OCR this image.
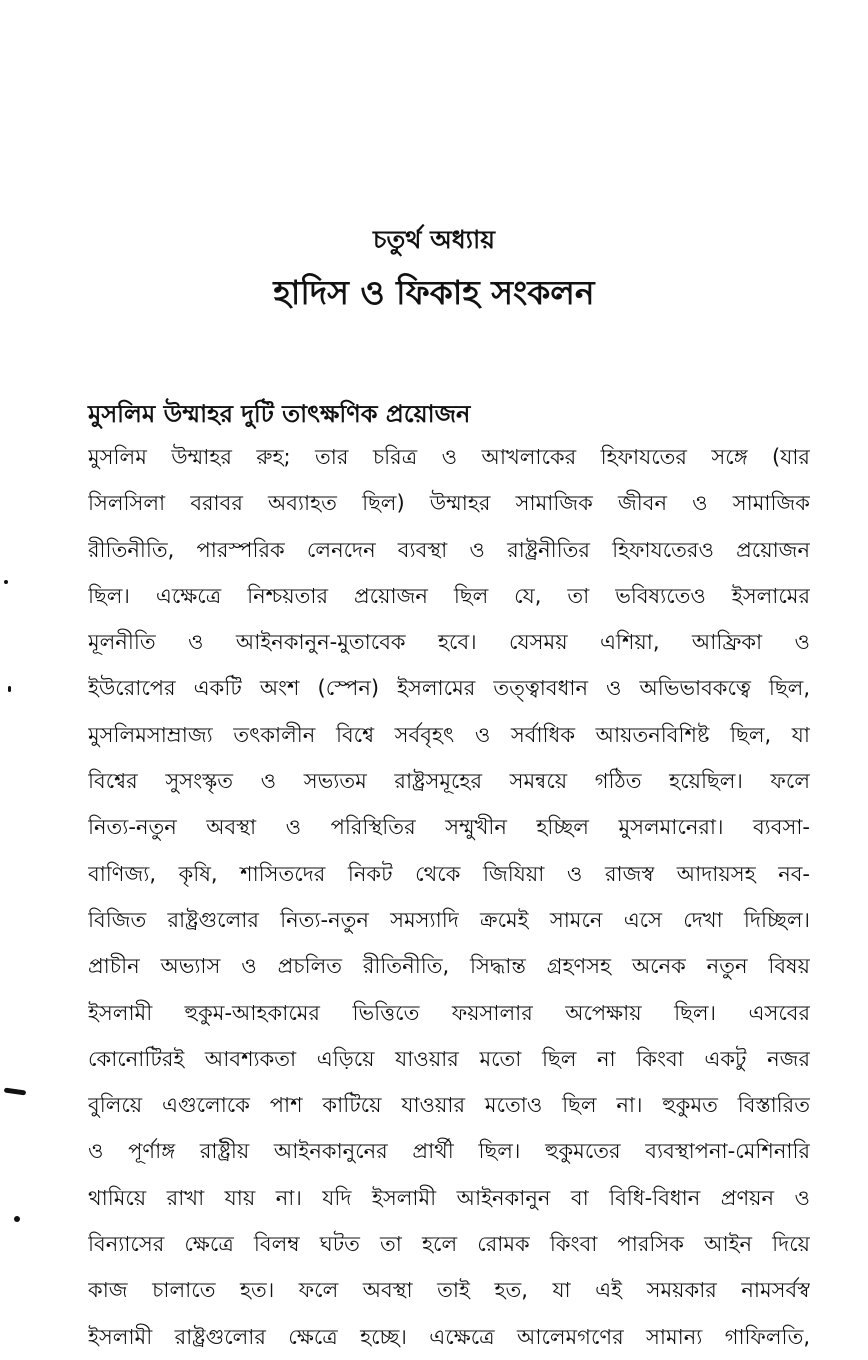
চতুর্থ অধ্যায়
হাদিস ও ফিকাহ সংকলন
মুসলিম উম্মাহর দুটি তাৎক্ষণিক প্রয়োজন
মুসলিম উম্মাহর রুহ; তার চরিত্র ও আখলাকের হিফাযতের সঙ্গে (যার
সিলসিলা বরাবর অব্যাহত ছিল) উম্মাহর সামাজিক জীবন ও সামাজিক
রীতিনীতি, পারস্পরিক লেনদেন ব্যবস্থা ও রাষ্ট্রনীতির হিফাযতেরও প্রয়োজন
ছিল। এক্ষেত্রে নিশ্চয়তার প্রয়োজন ছিল যে, তা ভবিষ্যতেও ইসলামের
মূলনীতি ও আইনকানুন-মুতাবেক হবে। যেসময় এশিয়া, আফ্রিকা ও
ইউরোপের একটি অংশ (স্পেন) ইসলামের তত্ত্বাবধান ও অভিভাবকত্বে ছিল,
মুসলিমসাম্রাজ্য তৎকালীন বিশ্বে সর্ববৃহৎ ও সর্বাধিক আয়তনবিশিষ্ট ছিল, যা
বিশ্বের সুসংস্কৃত ও সভ্যতম রাষ্ট্রসমূহের সমন্বয়ে গঠিত হয়েছিল। ফলে
নিত্য-নতুন অবস্থা ও পরিস্থিতির সম্মুখীন হচ্ছিল মুসলমানেরা। ব্যবসা-
বাণিজ্য, কৃষি, শাসিতদের নিকট থেকে জিযিয়া ও রাজস্ব আদায়সহ নব-
বিজিত রাষ্ট্রগুলোর নিত্য-নতুন সমস্যাদি ক্রমেই সামনে এসে দেখা দিচ্ছিল।
প্রাচীন অভ্যাস ও প্রচলিত রীতিনীতি, সিদ্ধান্ত গ্রহণসহ অনেক নতুন বিষয়
ইসলামী হুকুম-আহকামের ভিত্তিতে ফয়সালার অপেক্ষায় ছিল। এসবের
কোনোটিরই আবশ্যকতা এড়িয়ে যাওয়ার মতো ছিল না কিংবা একটু নজর
বুলিয়ে এগুলোকে পাশ কাটিয়ে যাওয়ার মতোও ছিল না। হুকুমত বিস্তারিত
ও পূর্ণাঙ্গ রাষ্ট্রীয় আইনকানুনের প্রার্থী ছিল। হুকুমতের ব্যবস্থাপনা-মেশিনারি
থামিয়ে রাখা যায় না। যদি ইসলামী আইনকানুন বা বিধি-বিধান প্রণয়ন ও
বিন্যাসের ক্ষেত্রে বিলম্ব ঘটত তা হলে রোমক কিংবা পারসিক আইন দিয়ে
কাজ চালাতে হত। ফলে অবস্থা তাই হত, যা এই সময়কার নামসর্বস্ব
ইসলামী রাষ্ট্রগুলোর ক্ষেত্রে হচ্ছে। এক্ষেত্রে আলেমগণের সামান্য গাফিলতি,
